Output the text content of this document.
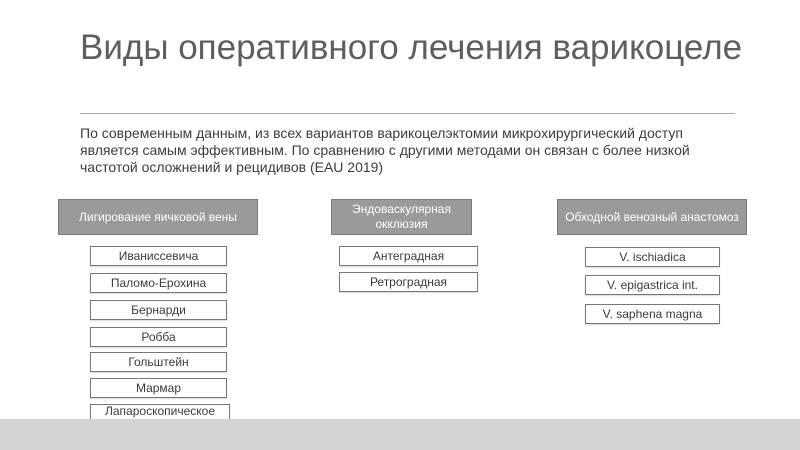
Виды оперативного лечения варикоцеле
По современным данным, из всех вариантов варикоцелэктомии микрохирургический доступ является самым эффективным. По сравнению с другими методами он связан с более низкой частотой осложнений и рецидивов (EAU 2019)
Лигирование яичковой вены
Иванисcевича
Паломо-Ерохина
Бернарди
Робба
Гольштейн
Мармар
Лапароскопическое
Эндоваскулярная окклюзия
Антеградная
Ретроградная
Обходной венозный анастомоз
V. ischiadica
V. epigastrica int.
V. saphena magna
